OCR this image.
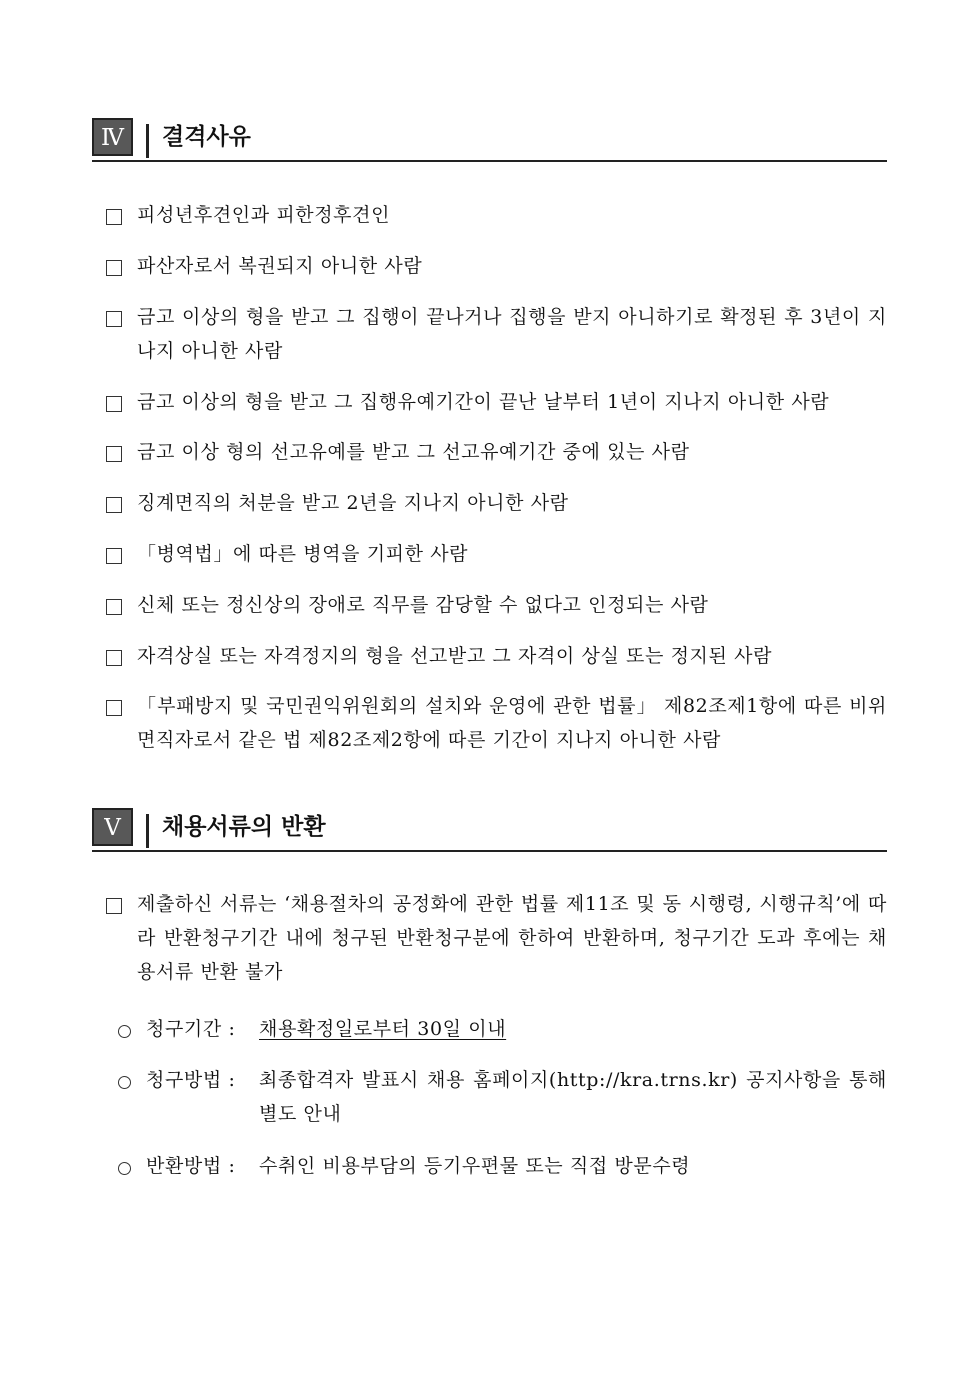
Ⅳ	결격사유
피성년후견인과 피한정후견인
파산자로서 복권되지 아니한 사람
금고 이상의 형을 받고 그 집행이 끝나거나 집행을 받지 아니하기로 확정된 후 3년이 지나지 아니한 사람
금고 이상의 형을 받고 그 집행유예기간이 끝난 날부터 1년이 지나지 아니한 사람
금고 이상 형의 선고유예를 받고 그 선고유예기간 중에 있는 사람
징계면직의 처분을 받고 2년을 지나지 아니한 사람
「병역법」에 따른 병역을 기피한 사람
신체 또는 정신상의 장애로 직무를 감당할 수 없다고 인정되는 사람
자격상실 또는 자격정지의 형을 선고받고 그 자격이 상실 또는 정지된 사람
「부패방지 및 국민권익위원회의 설치와 운영에 관한 법률」 제82조제1항에 따른 비위면직자로서 같은 법 제82조제2항에 따른 기간이 지나지 아니한 사람
Ⅴ	채용서류의 반환
제출하신 서류는 ‘채용절차의 공정화에 관한 법률 제11조 및 동 시행령, 시행규칙’에 따라 반환청구기간 내에 청구된 반환청구분에 한하여 반환하며, 청구기간 도과 후에는 채용서류 반환 불가
청구기간 : 채용확정일로부터 30일 이내
청구방법 : 최종합격자 발표시 채용 홈페이지(http://kra.trns.kr) 공지사항을 통해 별도 안내
반환방법 : 수취인 비용부담의 등기우편물 또는 직접 방문수령
